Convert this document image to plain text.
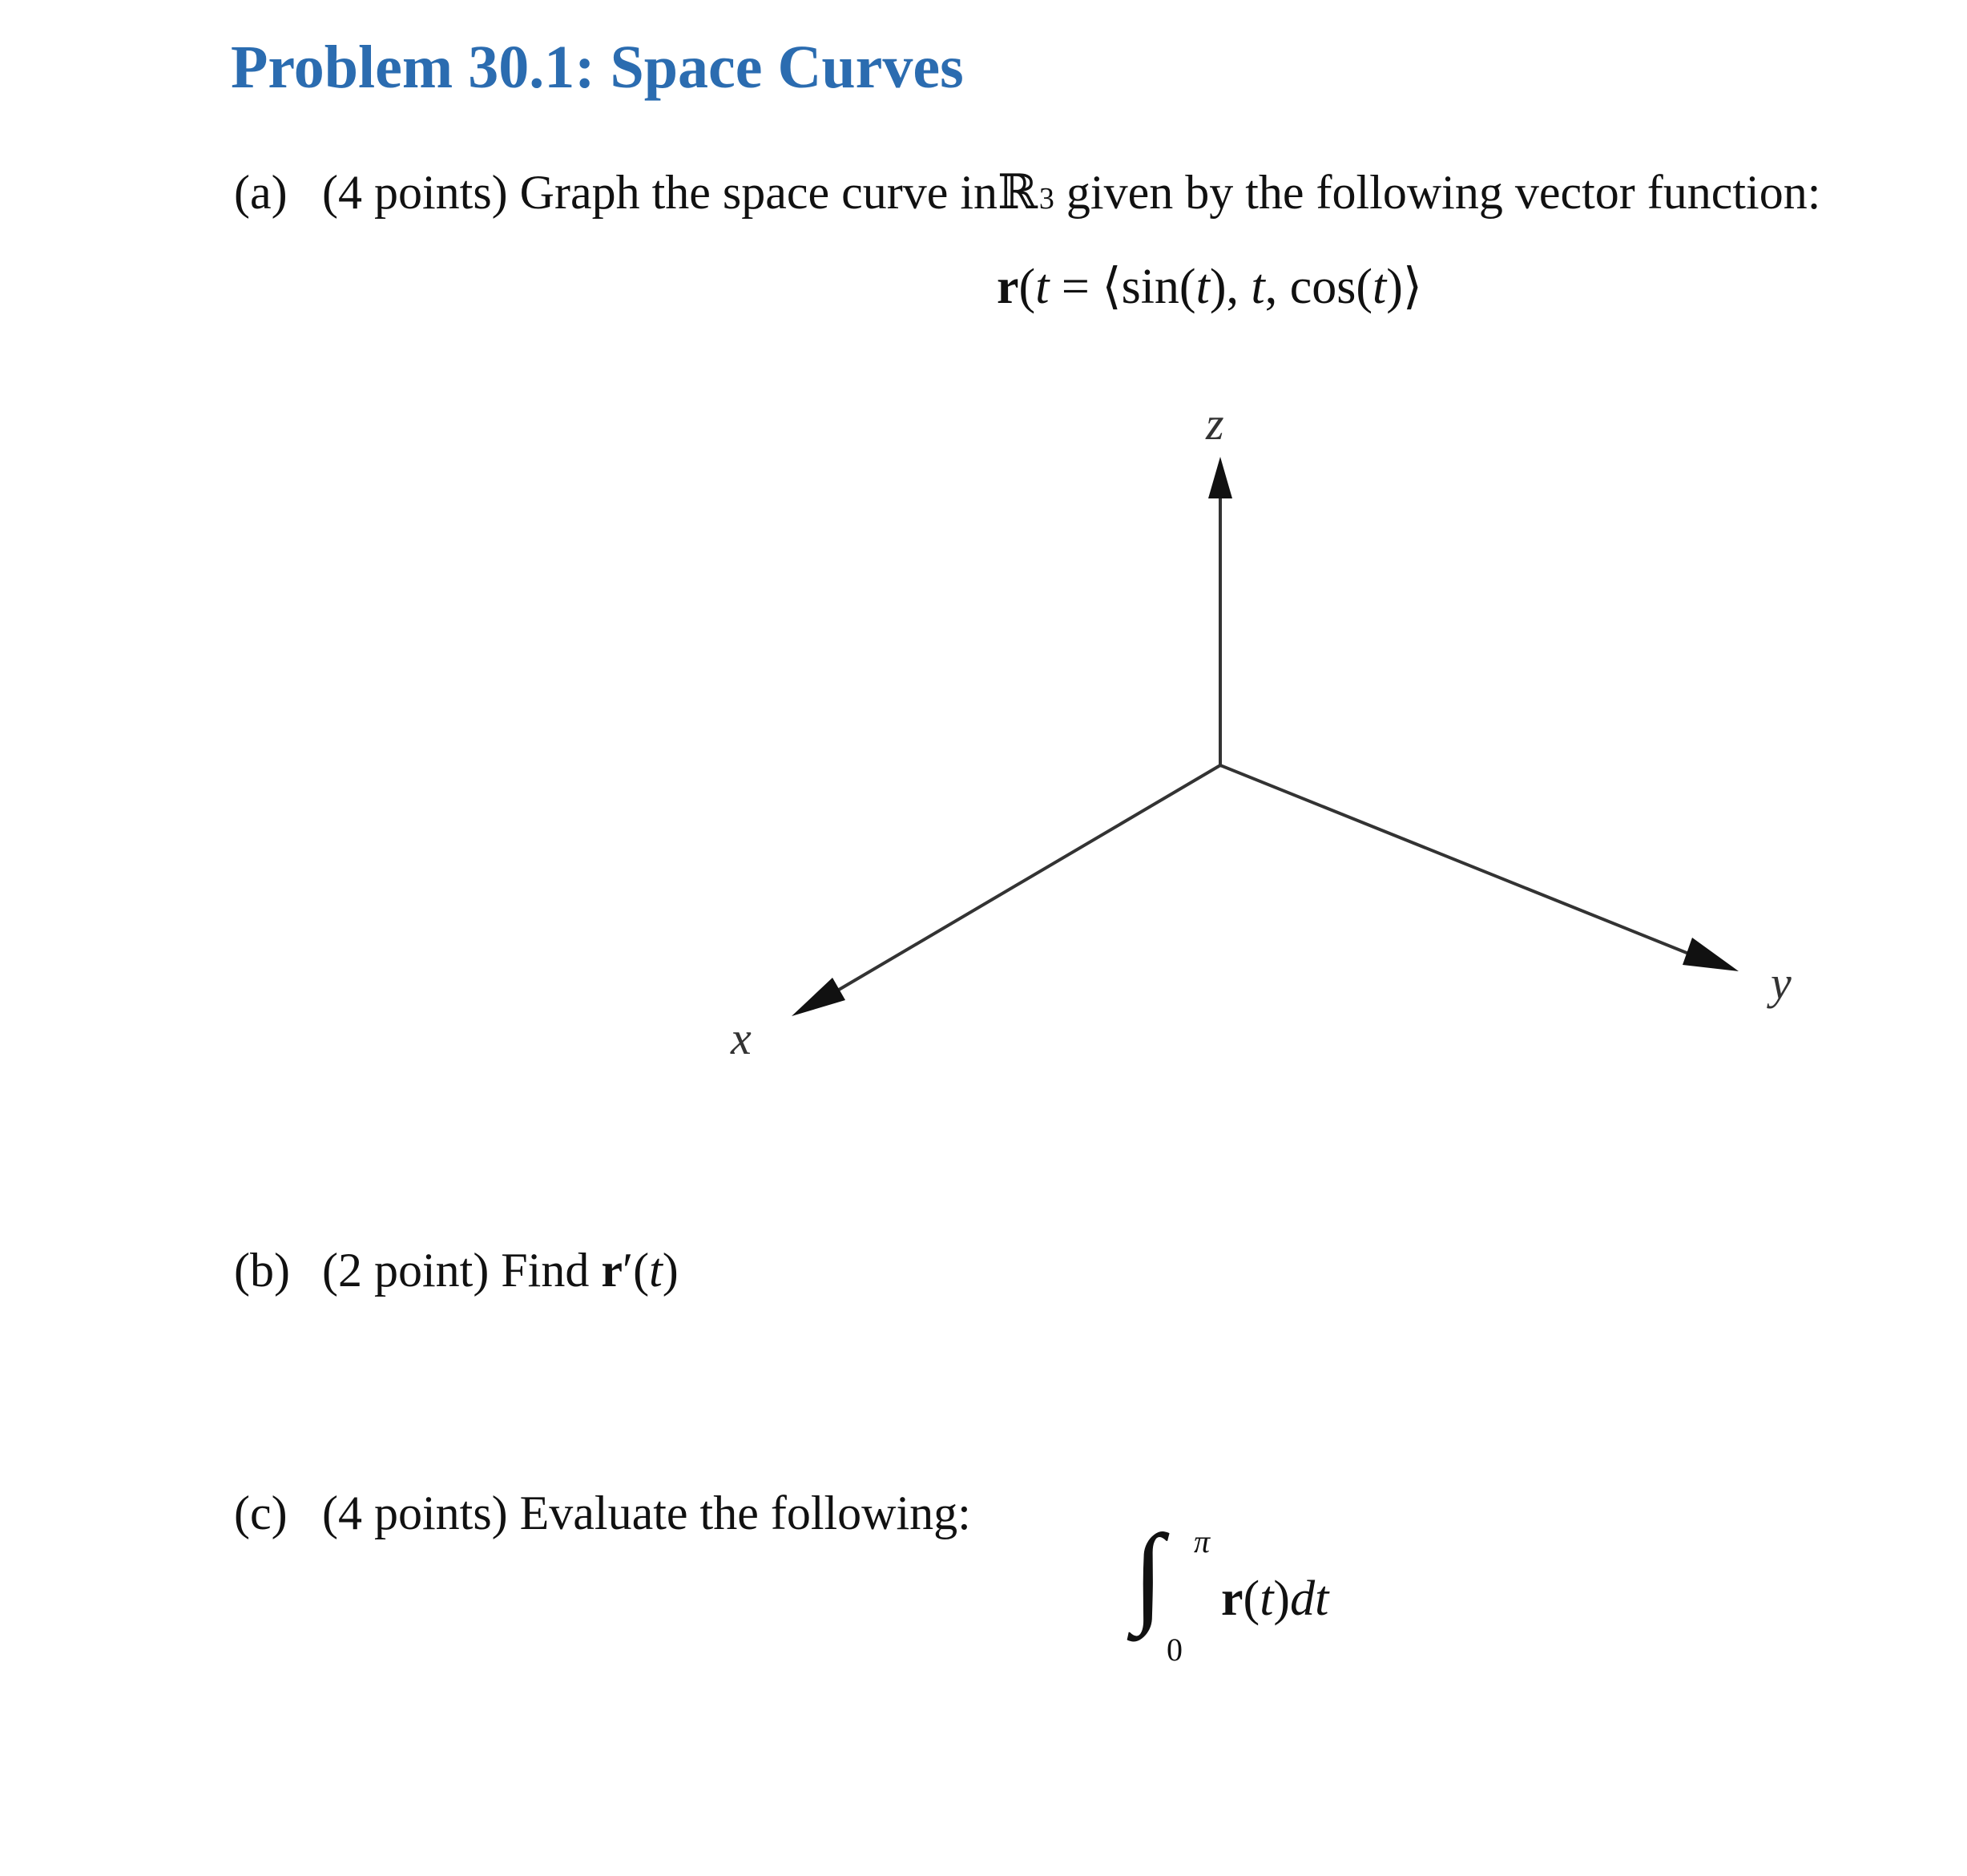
Problem 30.1: Space Curves
(a) (4 points) Graph the space curve in ℝ 3 given by the following vector function:
r(t = ⟨sin(t), t, cos(t)⟩
z
x
y
(b) (2 point) Find r ′ ( t )
(c) (4 points) Evaluate the following: ∫ π
0
r(t)dt
